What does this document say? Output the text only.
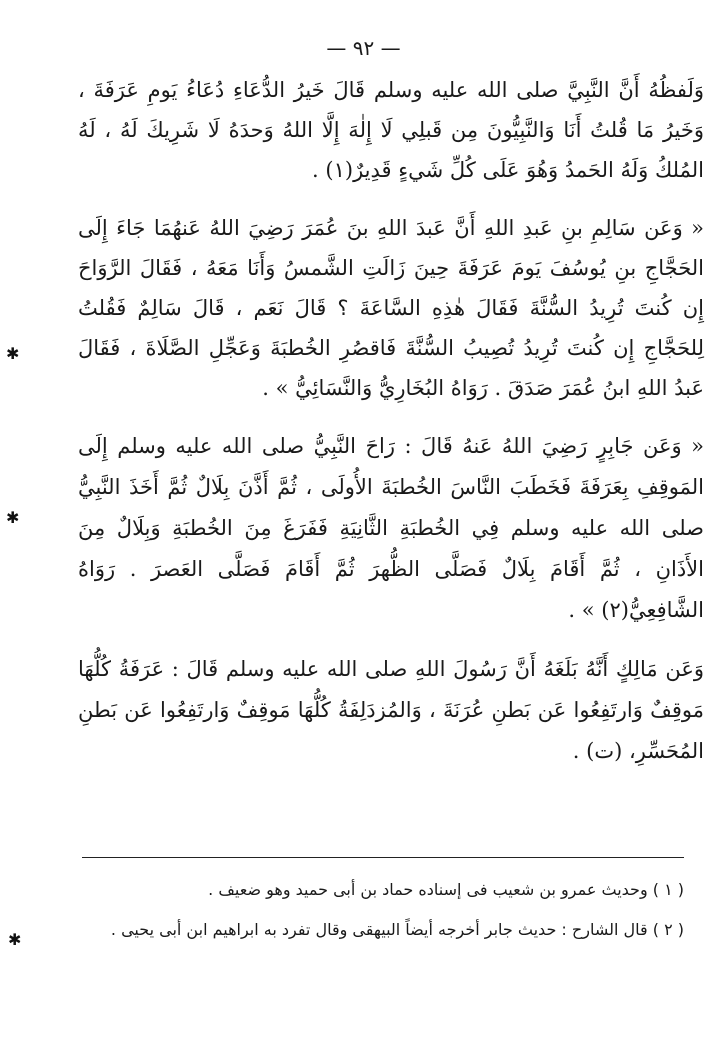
— ٩٢ —

وَلَفظُهُ أَنَّ النَّبِيَّ صلى الله عليه وسلم قَالَ خَيرُ الدُّعَاءِ دُعَاءُ يَومِ عَرَفَةَ ، وَخَيرُ مَا قُلتُ أَنَا وَالنَّبِيُّونَ مِن قَبلِي لَا إِلٰهَ إِلَّا اللهُ وَحدَهُ لَا شَرِيكَ لَهُ ، لَهُ المُلكُ وَلَهُ الحَمدُ وَهُوَ عَلَى كُلِّ شَيءٍ قَدِيرٌ(١) .

« وَعَن سَالِمِ بنِ عَبدِ اللهِ أَنَّ عَبدَ اللهِ بنَ عُمَرَ رَضِيَ اللهُ عَنهُمَا جَاءَ إِلَى الحَجَّاجِ بنِ يُوسُفَ يَومَ عَرَفَةَ حِينَ زَالَتِ الشَّمسُ وَأَنَا مَعَهُ ، فَقَالَ الرَّوَاحَ إِن كُنتَ تُرِيدُ السُّنَّةَ فَقَالَ هٰذِهِ السَّاعَةَ ؟ قَالَ نَعَم ، قَالَ سَالِمٌ فَقُلتُ لِلحَجَّاجِ إِن كُنتَ تُرِيدُ تُصِيبُ السُّنَّةَ فَاقصُرِ الخُطبَةَ وَعَجِّلِ الصَّلَاةَ ، فَقَالَ عَبدُ اللهِ ابنُ عُمَرَ صَدَقَ . رَوَاهُ البُخَارِيُّ وَالنَّسَائِيُّ » .

« وَعَن جَابِرٍ رَضِيَ اللهُ عَنهُ قَالَ : رَاحَ النَّبِيُّ صلى الله عليه وسلم إِلَى المَوقِفِ بِعَرَفَةَ فَخَطَبَ النَّاسَ الخُطبَةَ الأُولَى ، ثُمَّ أَذَّنَ بِلَالٌ ثُمَّ أَخَذَ النَّبِيُّ صلى الله عليه وسلم فِي الخُطبَةِ الثَّانِيَةِ فَفَرَغَ مِنَ الخُطبَةِ وَبِلَالٌ مِنَ الأَذَانِ ، ثُمَّ أَقَامَ بِلَالٌ فَصَلَّى الظُّهرَ ثُمَّ أَقَامَ فَصَلَّى العَصرَ . رَوَاهُ الشَّافِعِيُّ(٢) » .

وَعَن مَالِكٍ أَنَّهُ بَلَغَهُ أَنَّ رَسُولَ اللهِ صلى الله عليه وسلم قَالَ : عَرَفَةُ كُلُّهَا مَوقِفٌ وَارتَفِعُوا عَن بَطنِ عُرَنَةَ ، وَالمُزدَلِفَةُ كُلُّهَا مَوقِفٌ وَارتَفِعُوا عَن بَطنِ المُحَسِّرِ، (ت) .

( ١ ) وحديث عمرو بن شعيب فى إسناده حماد بن أبى حميد وهو ضعيف .

( ٢ ) قال الشارح : حديث جابر أخرجه أيضاً البيهقى وقال تفرد به ابراهيم ابن أبى يحيى .

✱
✱
✱
